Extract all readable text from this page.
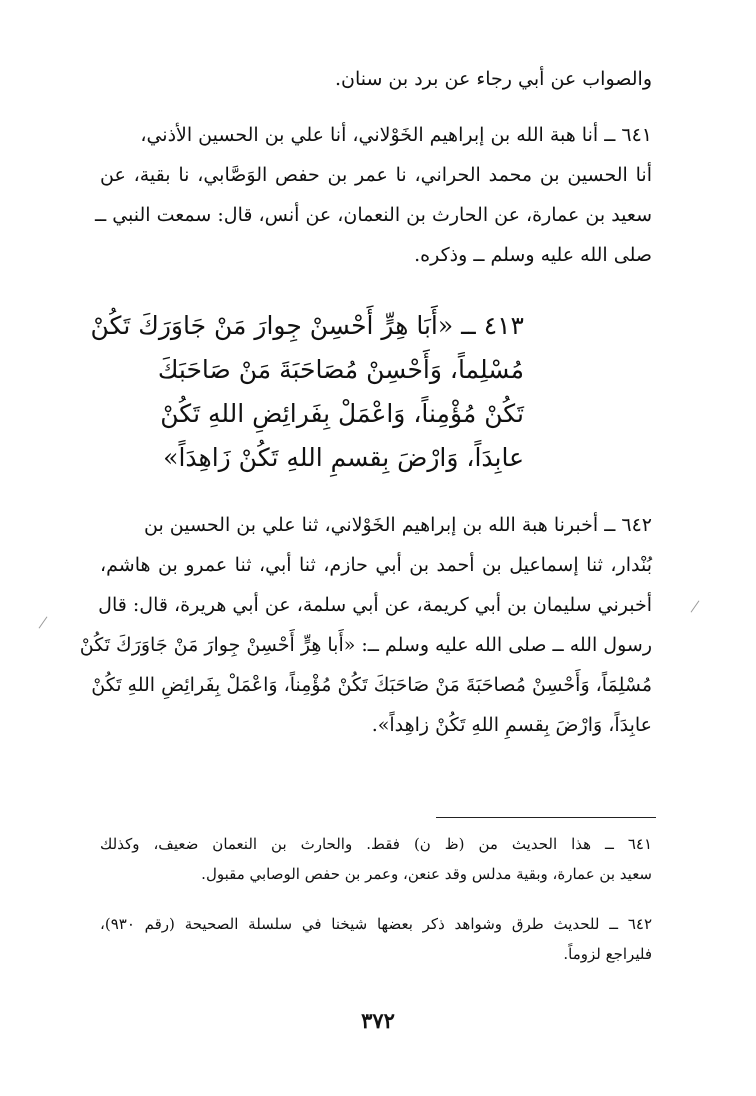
والصواب عن أبي رجاء عن برد بن سنان.
٦٤١ ــ أنا هبة الله بن إبراهيم الخَوْلاني، أنا علي بن الحسين الأذني،
أنا الحسين بن محمد الحراني، نا عمر بن حفص الوَصَّابي، نا بقية، عن
سعيد بن عمارة، عن الحارث بن النعمان، عن أنس، قال: سمعت النبي ــ
صلى الله عليه وسلم ــ وذكره.
٤١٣ ــ «أَبَا هِرٍّ أَحْسِنْ جِوارَ مَنْ جَاوَرَكَ تَكُنْ
مُسْلِماً، وَأَحْسِنْ مُصَاحَبَةَ مَنْ صَاحَبَكَ
تَكُنْ مُؤْمِناً، وَاعْمَلْ بِفَرائِضِ اللهِ تَكُنْ
عابِدَاً، وَارْضَ بِقسمِ اللهِ تَكُنْ زَاهِدَاً»
٦٤٢ ــ أخبرنا هبة الله بن إبراهيم الخَوْلاني، ثنا علي بن الحسين بن
بُنْدار، ثنا إسماعيل بن أحمد بن أبي حازم، ثنا أبي، ثنا عمرو بن هاشم،
أخبرني سليمان بن أبي كريمة، عن أبي سلمة، عن أبي هريرة، قال: قال
رسول الله ــ صلى الله عليه وسلم ــ: «أَبا هِرٍّ أَحْسِنْ جِوارَ مَنْ جَاوَرَكَ تَكُنْ
مُسْلِمَاً، وَأَحْسِنْ مُصاحَبَةَ مَنْ صَاحَبَكَ تَكُنْ مُؤْمِناً، وَاعْمَلْ بِفَرائِضِ اللهِ تَكُنْ
عابِدَاً، وَارْضَ بِقسمِ اللهِ تَكُنْ زاهِداً».
٦٤١ ــ هذا الحديث من (ظ ن) فقط. والحارث بن النعمان ضعيف، وكذلك
سعيد بن عمارة، وبقية مدلس وقد عنعن، وعمر بن حفص الوصابي مقبول.
٦٤٢ ــ للحديث طرق وشواهد ذكر بعضها شيخنا في سلسلة الصحيحة (رقم ٩٣٠)،
فليراجع لزوماً.
٣٧٢
